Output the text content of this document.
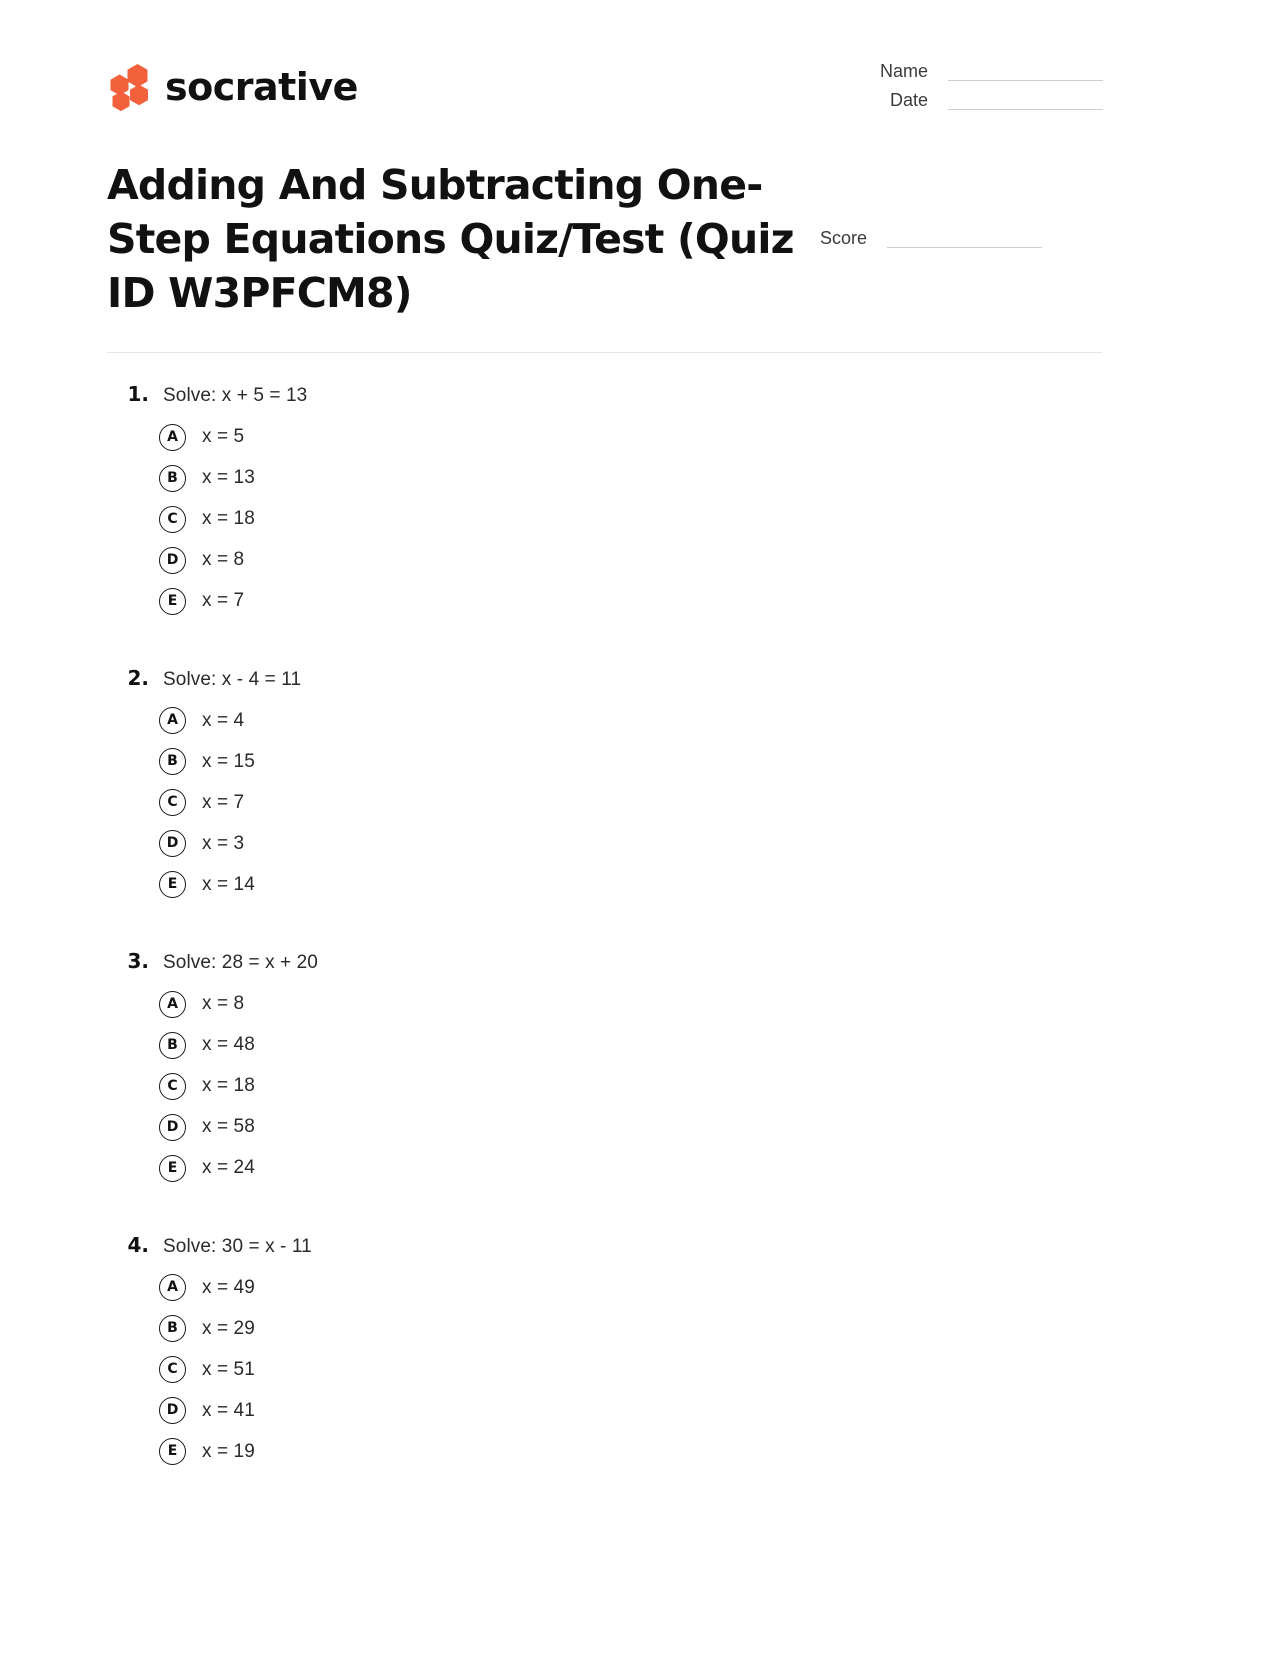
socrative	Name
Date
Adding And Subtracting One-Step Equations Quiz/Test (Quiz ID W3PFCM8)
Score
1. Solve: x + 5 = 13
A x = 5
B x = 13
C x = 18
D x = 8
E x = 7
2. Solve: x - 4 = 11
A x = 4
B x = 15
C x = 7
D x = 3
E x = 14
3. Solve: 28 = x + 20
A x = 8
B x = 48
C x = 18
D x = 58
E x = 24
4. Solve: 30 = x - 11
A x = 49
B x = 29
C x = 51
D x = 41
E x = 19
